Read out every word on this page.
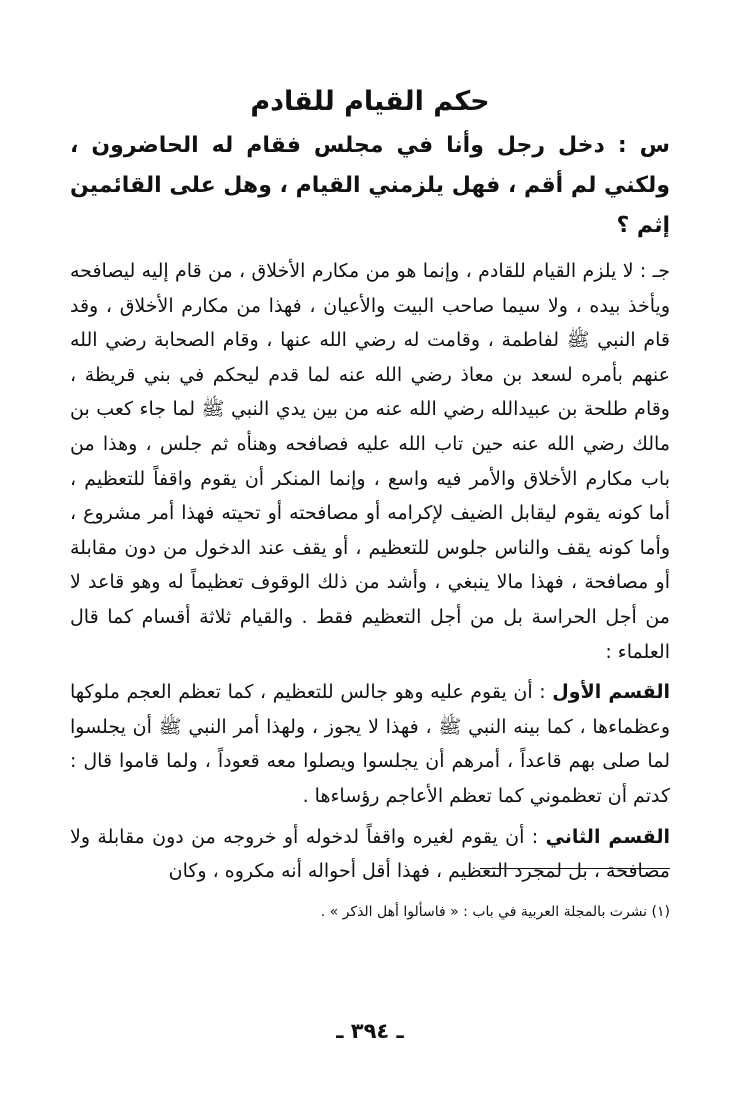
حكم القيام للقادم

س : دخل رجل وأنا في مجلس فقام له الحاضرون ، ولكني لم أقم ، فهل يلزمني القيام ، وهل على القائمين إثم ؟

جـ : لا يلزم القيام للقادم ، وإنما هو من مكارم الأخلاق ، من قام إليه ليصافحه ويأخذ بيده ، ولا سيما صاحب البيت والأعيان ، فهذا من مكارم الأخلاق ، وقد قام النبي ﷺ لفاطمة ، وقامت له رضي الله عنها ، وقام الصحابة رضي الله عنهم بأمره لسعد بن معاذ رضي الله عنه لما قدم ليحكم في بني قريظة ، وقام طلحة بن عبيدالله رضي الله عنه من بين يدي النبي ﷺ لما جاء كعب بن مالك رضي الله عنه حين تاب الله عليه فصافحه وهنأه ثم جلس ، وهذا من باب مكارم الأخلاق والأمر فيه واسع ، وإنما المنكر أن يقوم واقفاً للتعظيم ، أما كونه يقوم ليقابل الضيف لإكرامه أو مصافحته أو تحيته فهذا أمر مشروع ، وأما كونه يقف والناس جلوس للتعظيم ، أو يقف عند الدخول من دون مقابلة أو مصافحة ، فهذا مالا ينبغي ، وأشد من ذلك الوقوف تعظيماً له وهو قاعد لا من أجل الحراسة بل من أجل التعظيم فقط . والقيام ثلاثة أقسام كما قال العلماء :

القسم الأول : أن يقوم عليه وهو جالس للتعظيم ، كما تعظم العجم ملوكها وعظماءها ، كما بينه النبي ﷺ ، فهذا لا يجوز ، ولهذا أمر النبي ﷺ أن يجلسوا لما صلى بهم قاعداً ، أمرهم أن يجلسوا ويصلوا معه قعوداً ، ولما قاموا قال : كدتم أن تعظموني كما تعظم الأعاجم رؤساءها .

القسم الثاني : أن يقوم لغيره واقفاً لدخوله أو خروجه من دون مقابلة ولا مصافحة ، بل لمجرد التعظيم ، فهذا أقل أحواله أنه مكروه ، وكان

(١) نشرت بالمجلة العربية في باب : « فاسألوا أهل الذكر » .
ـ ٣٩٤ ـ
